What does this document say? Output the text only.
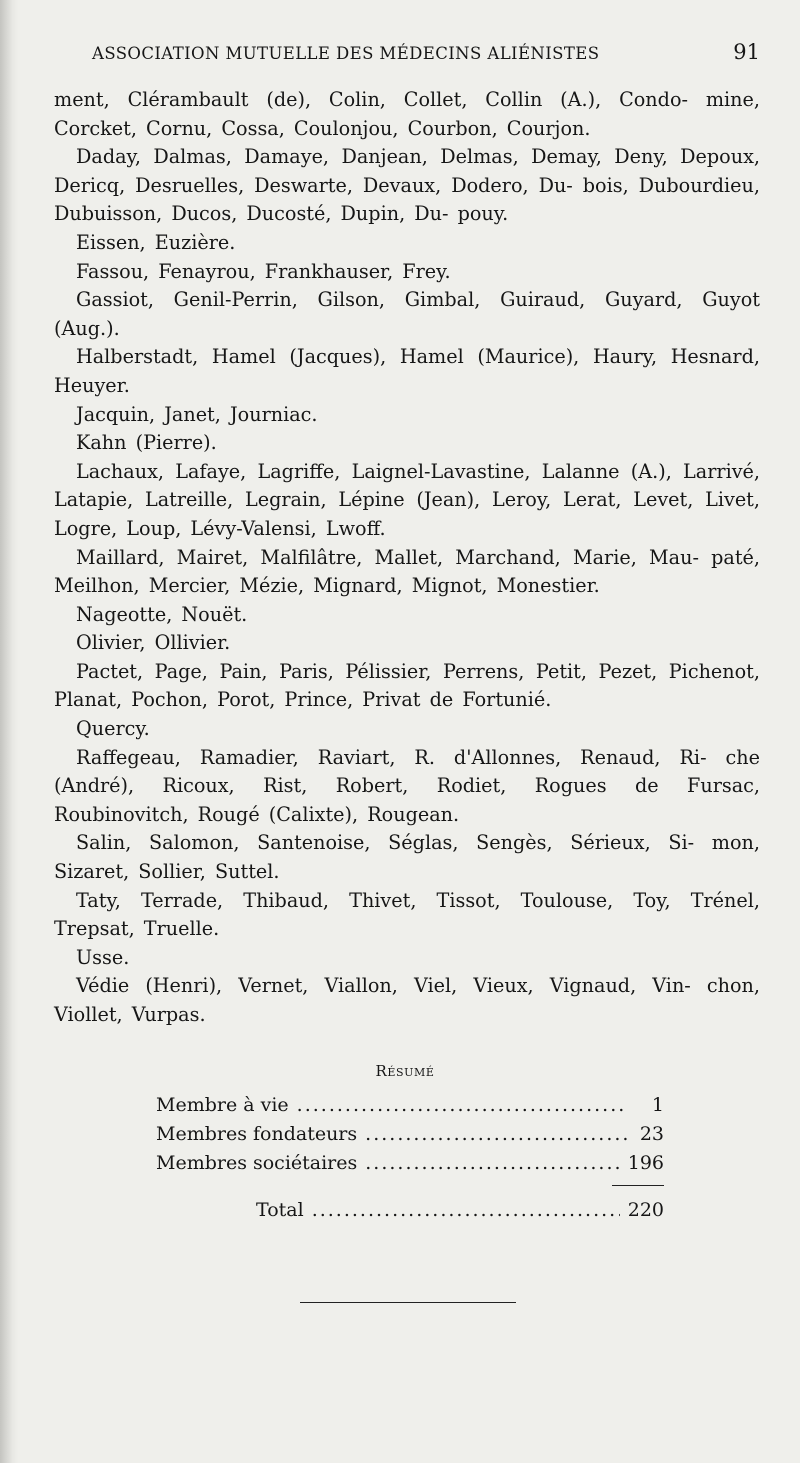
ASSOCIATION MUTUELLE DES MÉDECINS ALIÉNISTES	91

ment, Clérambault (de), Colin, Collet, Collin (A.), Condo- mine, Corcket, Cornu, Cossa, Coulonjou, Courbon, Courjon.

Daday, Dalmas, Damaye, Danjean, Delmas, Demay, Deny, Depoux, Dericq, Desruelles, Deswarte, Devaux, Dodero, Du- bois, Dubourdieu, Dubuisson, Ducos, Ducosté, Dupin, Du- pouy.

Eissen, Euzière.

Fassou, Fenayrou, Frankhauser, Frey.

Gassiot, Genil-Perrin, Gilson, Gimbal, Guiraud, Guyard, Guyot (Aug.).

Halberstadt, Hamel (Jacques), Hamel (Maurice), Haury, Hesnard, Heuyer.

Jacquin, Janet, Journiac.

Kahn (Pierre).

Lachaux, Lafaye, Lagriffe, Laignel-Lavastine, Lalanne (A.), Larrivé, Latapie, Latreille, Legrain, Lépine (Jean), Leroy, Lerat, Levet, Livet, Logre, Loup, Lévy-Valensi, Lwoff.

Maillard, Mairet, Malfilâtre, Mallet, Marchand, Marie, Mau- paté, Meilhon, Mercier, Mézie, Mignard, Mignot, Monestier.

Nageotte, Nouët.

Olivier, Ollivier.

Pactet, Page, Pain, Paris, Pélissier, Perrens, Petit, Pezet, Pichenot, Planat, Pochon, Porot, Prince, Privat de Fortunié.

Quercy.

Raffegeau, Ramadier, Raviart, R. d'Allonnes, Renaud, Ri- che (André), Ricoux, Rist, Robert, Rodiet, Rogues de Fursac, Roubinovitch, Rougé (Calixte), Rougean.

Salin, Salomon, Santenoise, Séglas, Sengès, Sérieux, Si- mon, Sizaret, Sollier, Suttel.

Taty, Terrade, Thibaud, Thivet, Tissot, Toulouse, Toy, Trénel, Trepsat, Truelle.

Usse.

Védie (Henri), Vernet, Viallon, Viel, Vieux, Vignaud, Vin- chon, Viollet, Vurpas.

Résumé

Membre à vie .....	1
Membres fondateurs .....	23
Membres sociétaires .....	196
Total .....	220
